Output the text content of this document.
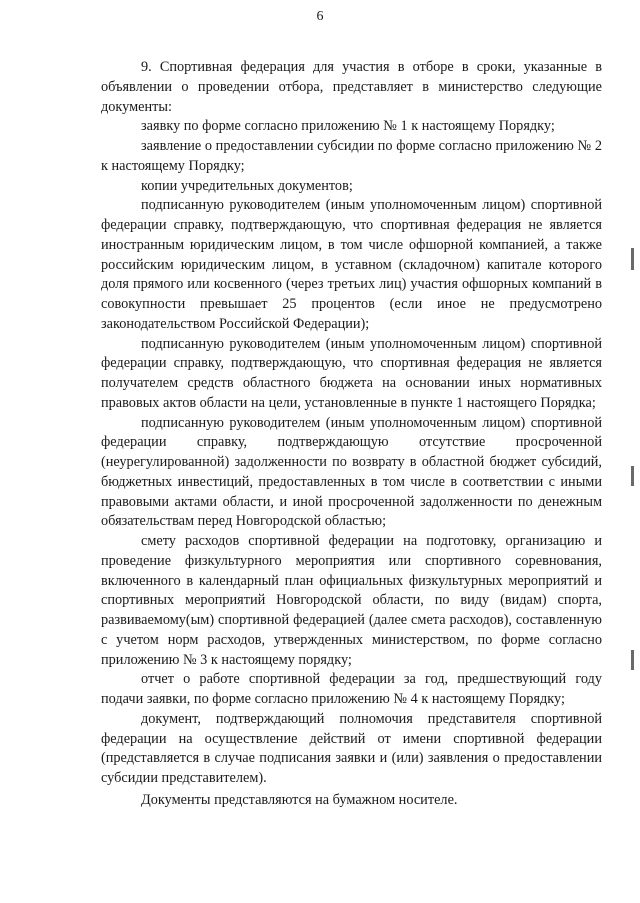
6

9. Спортивная федерация для участия в отборе в сроки, указанные в объявлении о проведении отбора, представляет в министерство следующие документы:

заявку по форме согласно приложению № 1 к настоящему Порядку;

заявление о предоставлении субсидии по форме согласно приложению № 2 к настоящему Порядку;

копии учредительных документов;

подписанную руководителем (иным уполномоченным лицом) спортивной федерации справку, подтверждающую, что спортивная федерация не является иностранным юридическим лицом, в том числе офшорной компанией, а также российским юридическим лицом, в уставном (складочном) капитале которого доля прямого или косвенного (через третьих лиц) участия офшорных компаний в совокупности превышает 25 процентов (если иное не предусмотрено законодательством Российской Федерации);

подписанную руководителем (иным уполномоченным лицом) спортивной федерации справку, подтверждающую, что спортивная федерация не является получателем средств областного бюджета на основании иных нормативных правовых актов области на цели, установленные в пункте 1 настоящего Порядка;

подписанную руководителем (иным уполномоченным лицом) спортивной федерации справку, подтверждающую отсутствие просроченной (неурегулированной) задолженности по возврату в областной бюджет субсидий, бюджетных инвестиций, предоставленных в том числе в соответствии с иными правовыми актами области, и иной просроченной задолженности по денежным обязательствам перед Новгородской областью;

смету расходов спортивной федерации на подготовку, организацию и проведение физкультурного мероприятия или спортивного соревнования, включенного в календарный план официальных физкультурных мероприятий и спортивных мероприятий Новгородской области, по виду (видам) спорта, развиваемому(ым) спортивной федерацией (далее смета расходов), составленную с учетом норм расходов, утвержденных министерством, по форме согласно приложению № 3 к настоящему порядку;

отчет о работе спортивной федерации за год, предшествующий году подачи заявки, по форме согласно приложению № 4 к настоящему Порядку;

документ, подтверждающий полномочия представителя спортивной федерации на осуществление действий от имени спортивной федерации (представляется в случае подписания заявки и (или) заявления о предоставлении субсидии представителем).

Документы представляются на бумажном носителе.
